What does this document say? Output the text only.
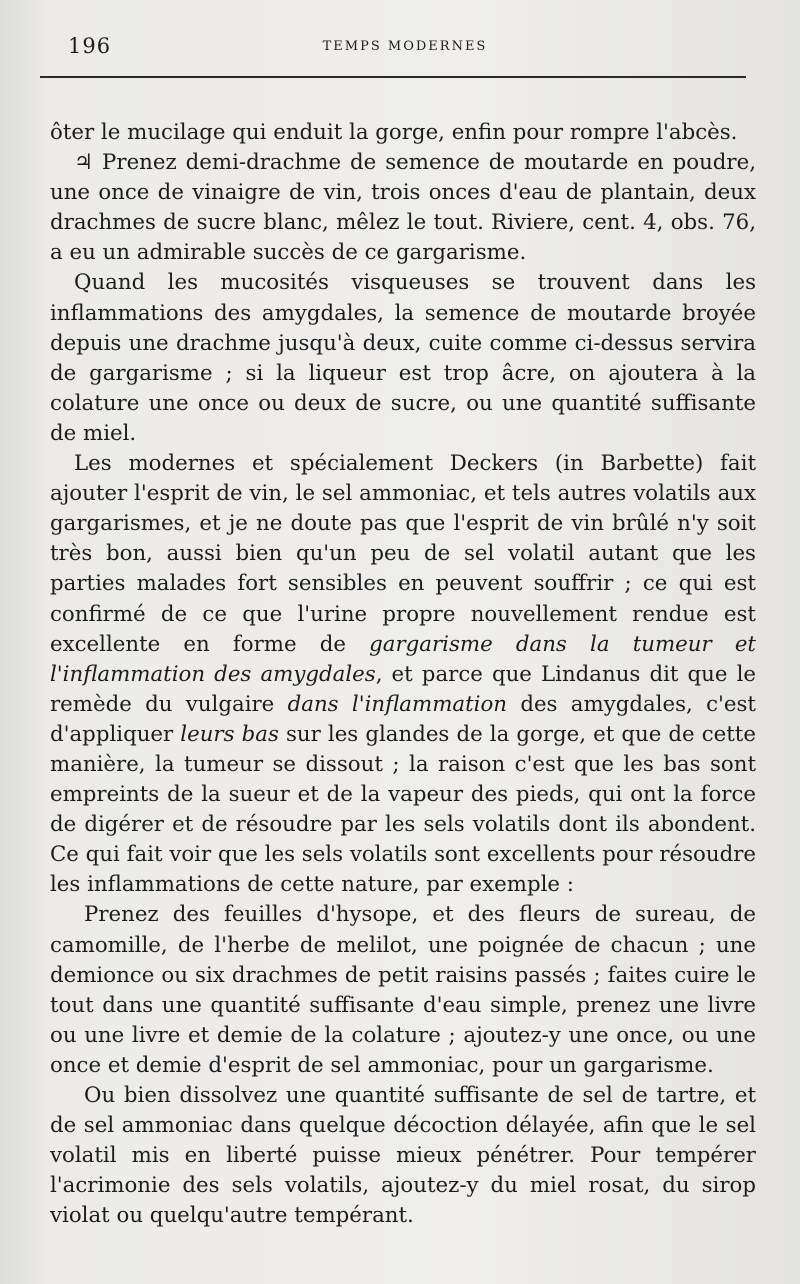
196	TEMPS MODERNES

ôter le mucilage qui enduit la gorge, enfin pour rompre l'abcès.

♃ Prenez demi-drachme de semence de moutarde en poudre, une once de vinaigre de vin, trois onces d'eau de plantain, deux drachmes de sucre blanc, mêlez le tout. Riviere, cent. 4, obs. 76, a eu un admirable succès de ce gargarisme.

Quand les mucosités visqueuses se trouvent dans les inflammations des amygdales, la semence de moutarde broyée depuis une drachme jusqu'à deux, cuite comme ci-dessus servira de gargarisme ; si la liqueur est trop âcre, on ajoutera à la colature une once ou deux de sucre, ou une quantité suffisante de miel.

Les modernes et spécialement Deckers (in Barbette) fait ajouter l'esprit de vin, le sel ammoniac, et tels autres volatils aux gargarismes, et je ne doute pas que l'esprit de vin brûlé n'y soit très bon, aussi bien qu'un peu de sel volatil autant que les parties malades fort sensibles en peuvent souffrir ; ce qui est confirmé de ce que l'urine propre nouvellement rendue est excellente en forme de gargarisme dans la tumeur et l'inflammation des amygdales, et parce que Lindanus dit que le remède du vulgaire dans l'inflammation des amygdales, c'est d'appliquer leurs bas sur les glandes de la gorge, et que de cette manière, la tumeur se dissout ; la raison c'est que les bas sont empreints de la sueur et de la vapeur des pieds, qui ont la force de digérer et de résoudre par les sels volatils dont ils abondent. Ce qui fait voir que les sels volatils sont excellents pour résoudre les inflammations de cette nature, par exemple :

Prenez des feuilles d'hysope, et des fleurs de sureau, de camomille, de l'herbe de melilot, une poignée de chacun ; une demionce ou six drachmes de petit raisins passés ; faites cuire le tout dans une quantité suffisante d'eau simple, prenez une livre ou une livre et demie de la colature ; ajoutez-y une once, ou une once et demie d'esprit de sel ammoniac, pour un gargarisme.

Ou bien dissolvez une quantité suffisante de sel de tartre, et de sel ammoniac dans quelque décoction délayée, afin que le sel volatil mis en liberté puisse mieux pénétrer. Pour tempérer l'acrimonie des sels volatils, ajoutez-y du miel rosat, du sirop violat ou quelqu'autre tempérant.
